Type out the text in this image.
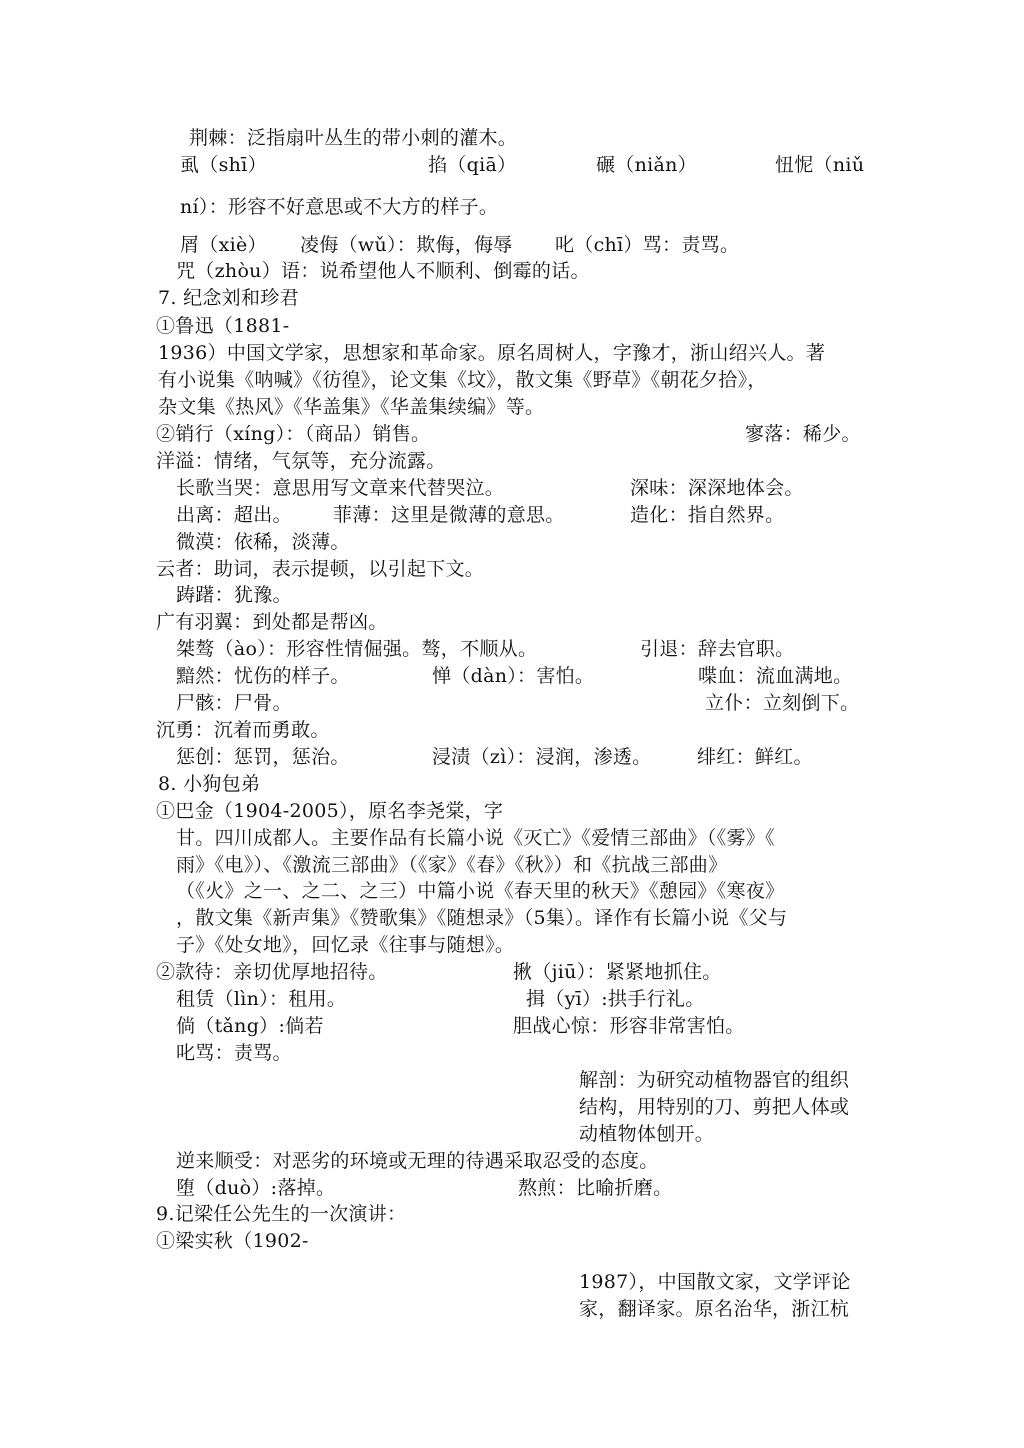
荆棘：泛指扇叶丛生的带小刺的灌木。
虱（shī）	掐（qiā）	碾（niǎn）	忸怩（niǔ
ní）：形容不好意思或不大方的样子。
屑（xiè） 凌侮（wǔ）：欺侮，侮辱 叱（chī）骂：责骂。
咒（zhòu）语：说希望他人不顺利、倒霉的话。
7. 纪念刘和珍君
①鲁迅（1881-
1936）中国文学家，思想家和革命家。原名周树人，字豫才，浙山绍兴人。著
有小说集《呐喊》《彷徨》，论文集《坟》，散文集《野草》《朝花夕拾》，
杂文集《热风》《华盖集》《华盖集续编》等。
②销行（xíng）：（商品）销售。	寥落：稀少。
洋溢：情绪，气氛等，充分流露。
长歌当哭：意思用写文章来代替哭泣。	深味：深深地体会。
出离：超出。 菲薄：这里是微薄的意思。	造化：指自然界。
微漠：依稀，淡薄。
云者：助词，表示提顿，以引起下文。
踌躇：犹豫。
广有羽翼：到处都是帮凶。
桀骜（ào）：形容性情倔强。骜，不顺从。	引退：辞去官职。
黯然：忧伤的样子。	惮（dàn）：害怕。	喋血：流血满地。
尸骸：尸骨。	立仆：立刻倒下。
沉勇：沉着而勇敢。
惩创：惩罚，惩治。	浸渍（zì）：浸润，渗透。 绯红：鲜红。
8. 小狗包弟
①巴金（1904-2005），原名李尧棠，字
甘。四川成都人。主要作品有长篇小说《灭亡》《爱情三部曲》（《雾》《
雨》《电》）、《激流三部曲》（《家》《春》《秋》）和《抗战三部曲》
（《火》之一、之二、之三）中篇小说《春天里的秋天》《憩园》《寒夜》
，散文集《新声集》《赞歌集》《随想录》（5集）。译作有长篇小说《父与
子》《处女地》，回忆录《往事与随想》。
②款待：亲切优厚地招待。	揪（jiū）：紧紧地抓住。
租赁（lìn）：租用。	揖（yī）:拱手行礼。
倘（tǎng）:倘若	胆战心惊：形容非常害怕。
叱骂：责骂。
解剖：为研究动植物器官的组织
结构，用特别的刀、剪把人体或
动植物体刨开。
逆来顺受：对恶劣的环境或无理的待遇采取忍受的态度。
堕（duò）:落掉。	熬煎：比喻折磨。
9.记梁任公先生的一次演讲：
①梁实秋（1902-
1987），中国散文家，文学评论
家，翻译家。原名治华，浙江杭
